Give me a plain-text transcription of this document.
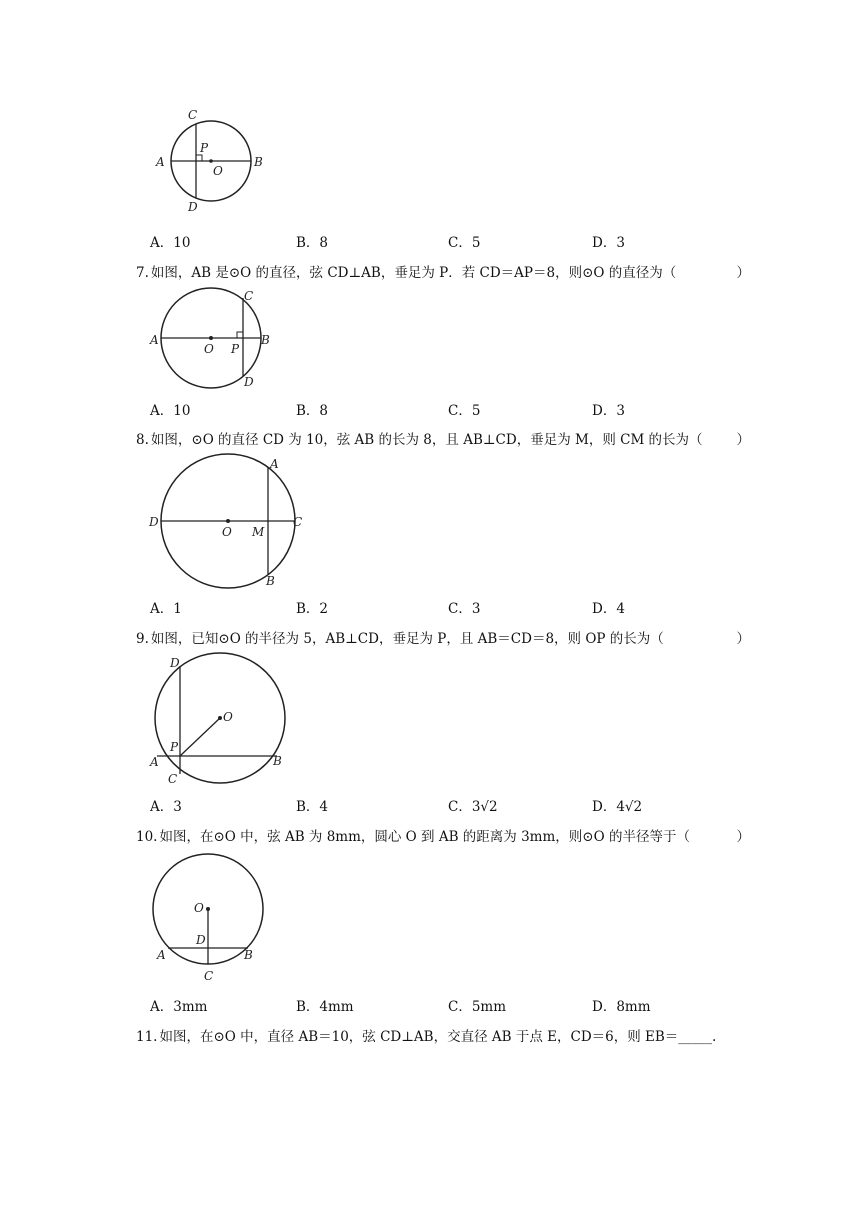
C
A
P
O
B
D
A．10	B．8	C．5	D．3
7. 如图，AB 是⊙O 的直径，弦 CD⊥AB，垂足为 P．若 CD＝AP＝8，则⊙O 的直径为（	）
A
O P
B
C
D
A．10	B．8	C．5	D．3
8. 如图，⊙O 的直径 CD 为 10，弦 AB 的长为 8，且 AB⊥CD，垂足为 M，则 CM 的长为（	）
D
O M
C
A
B
A．1	B．2	C．3	D．4
9. 如图，已知⊙O 的半径为 5，AB⊥CD，垂足为 P，且 AB＝CD＝8，则 OP 的长为（	）
D
O
P
A
C
B
A．3	B．4	C．3√2	D．4√2
10. 如图，在⊙O 中，弦 AB 为 8mm，圆心 O 到 AB 的距离为 3mm，则⊙O 的半径等于（	）
O
D
A
C
B
A．3mm	B．4mm	C．5mm	D．8mm
11. 如图，在⊙O 中，直径 AB＝10，弦 CD⊥AB，交直径 AB 于点 E，CD＝6，则 EB＝_____.
